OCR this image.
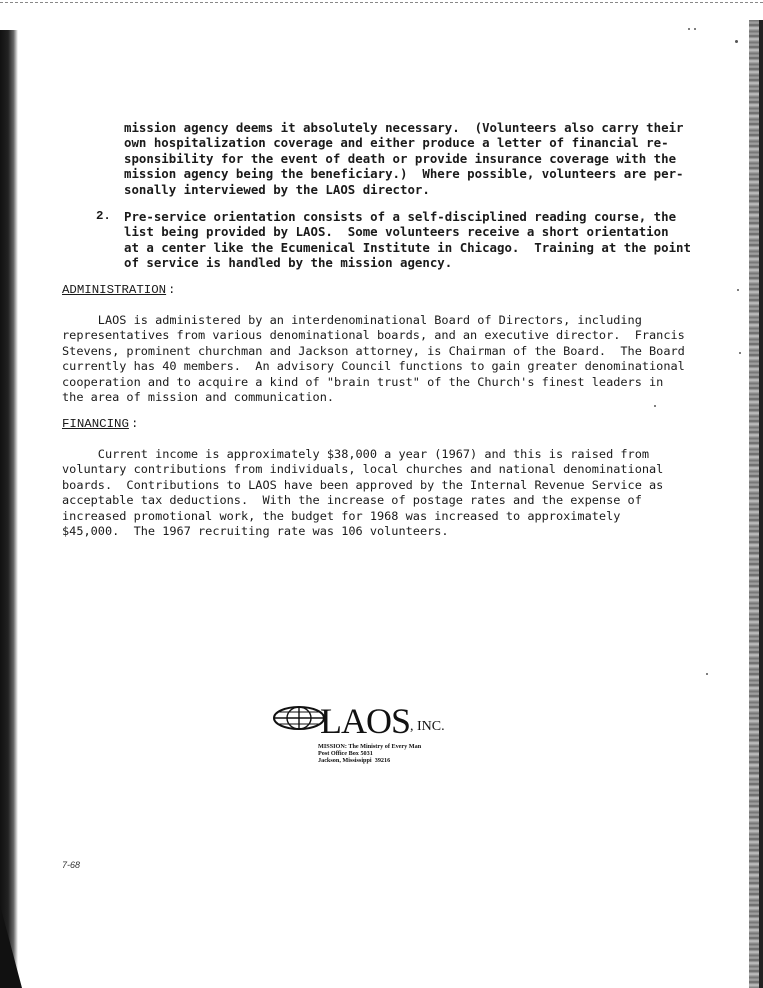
mission agency deems it absolutely necessary.  (Volunteers also carry their
own hospitalization coverage and either produce a letter of financial re-
sponsibility for the event of death or provide insurance coverage with the
mission agency being the beneficiary.)  Where possible, volunteers are per-
sonally interviewed by the LAOS director.
2. Pre-service orientation consists of a self-disciplined reading course, the
list being provided by LAOS.  Some volunteers receive a short orientation
at a center like the Ecumenical Institute in Chicago.  Training at the point
of service is handled by the mission agency.
ADMINISTRATION :
LAOS is administered by an interdenominational Board of Directors, including
representatives from various denominational boards, and an executive director.  Francis
Stevens, prominent churchman and Jackson attorney, is Chairman of the Board.  The Board
currently has 40 members.  An advisory Council functions to gain greater denominational
cooperation and to acquire a kind of "brain trust" of the Church's finest leaders in
the area of mission and communication.
FINANCING :
Current income is approximately $38,000 a year (1967) and this is raised from
voluntary contributions from individuals, local churches and national denominational
boards.  Contributions to LAOS have been approved by the Internal Revenue Service as
acceptable tax deductions.  With the increase of postage rates and the expense of
increased promotional work, the budget for 1968 was increased to approximately
$45,000.  The 1967 recruiting rate was 106 volunteers.
LAOS , INC.
MISSION: The Ministry of Every Man
Post Office Box 5031
Jackson, Mississippi  39216
7-68
